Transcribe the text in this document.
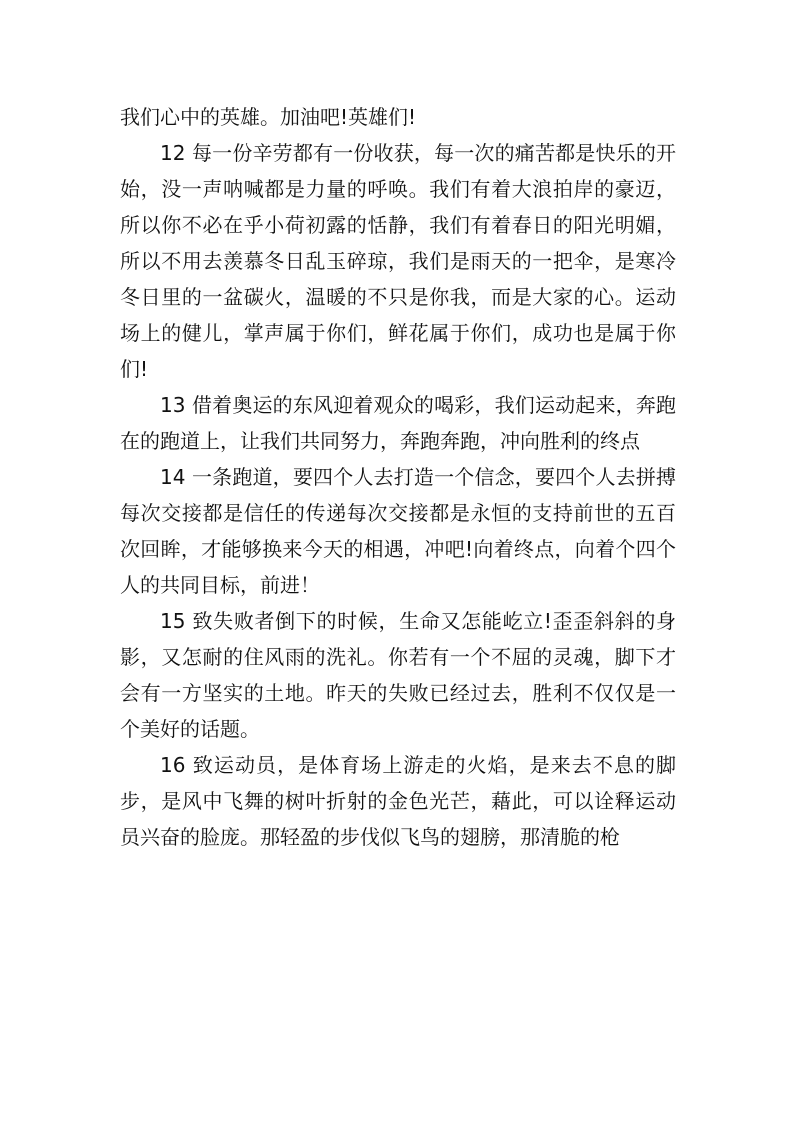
我们心中的英雄。加油吧!英雄们!

12 每一份辛劳都有一份收获，每一次的痛苦都是快乐的开始，没一声呐喊都是力量的呼唤。我们有着大浪拍岸的豪迈，所以你不必在乎小荷初露的恬静，我们有着春日的阳光明媚，所以不用去羡慕冬日乱玉碎琼，我们是雨天的一把伞，是寒冷冬日里的一盆碳火，温暖的不只是你我，而是大家的心。运动场上的健儿，掌声属于你们，鲜花属于你们，成功也是属于你们!

13 借着奥运的东风迎着观众的喝彩，我们运动起来，奔跑在的跑道上，让我们共同努力，奔跑奔跑，冲向胜利的终点

14 一条跑道，要四个人去打造一个信念，要四个人去拼搏每次交接都是信任的传递每次交接都是永恒的支持前世的五百次回眸，才能够换来今天的相遇，冲吧!向着终点，向着个四个人的共同目标，前进！

15 致失败者倒下的时候，生命又怎能屹立!歪歪斜斜的身影，又怎耐的住风雨的洗礼。你若有一个不屈的灵魂，脚下才会有一方坚实的土地。昨天的失败已经过去，胜利不仅仅是一个美好的话题。

16 致运动员，是体育场上游走的火焰，是来去不息的脚步，是风中飞舞的树叶折射的金色光芒，藉此，可以诠释运动员兴奋的脸庞。那轻盈的步伐似飞鸟的翅膀，那清脆的枪
